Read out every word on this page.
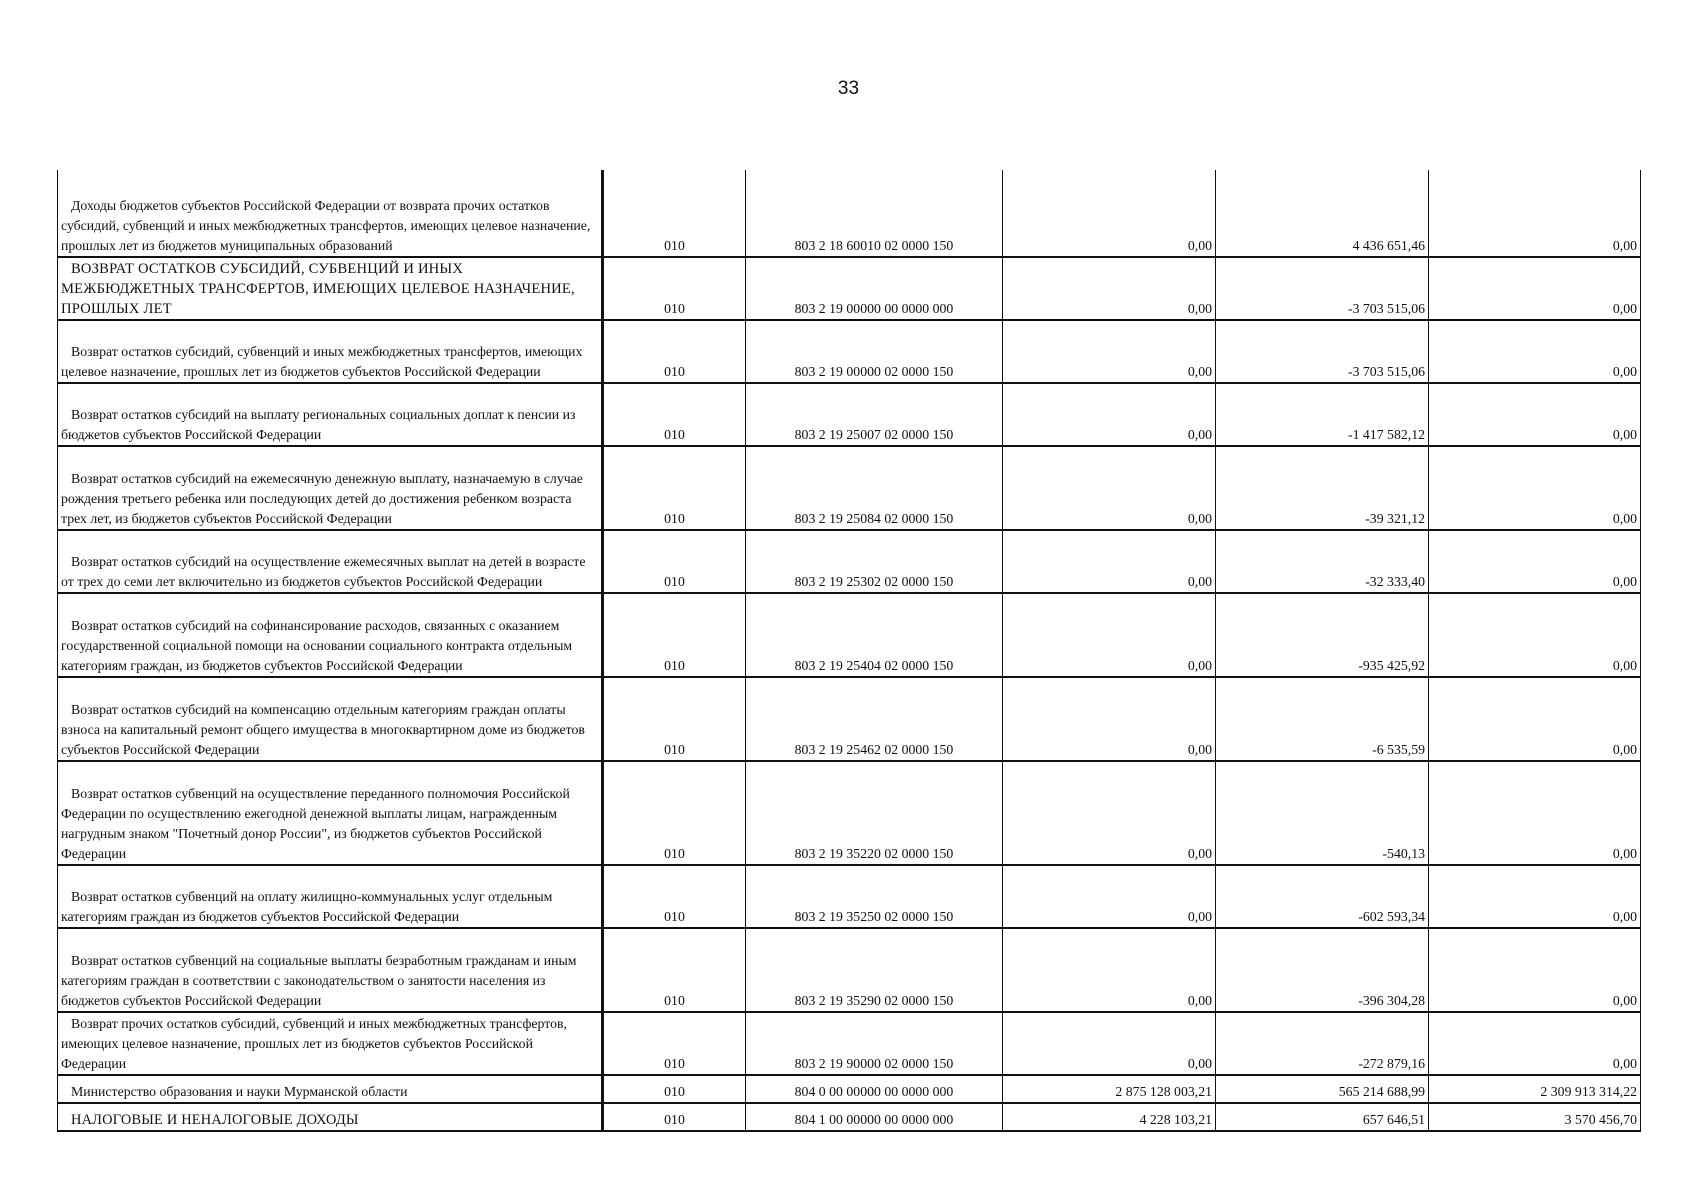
33
Доходы бюджетов субъектов Российской Федерации от возврата прочих остатков субсидий, субвенций и иных межбюджетных трансфертов, имеющих целевое назначение, прошлых лет из бюджетов муниципальных образований	010	803 2 18 60010 02 0000 150	0,00	4 436 651,46	0,00

ВОЗВРАТ ОСТАТКОВ СУБСИДИЙ, СУБВЕНЦИЙ И ИНЫХ МЕЖБЮДЖЕТНЫХ ТРАНСФЕРТОВ, ИМЕЮЩИХ ЦЕЛЕВОЕ НАЗНАЧЕНИЕ, ПРОШЛЫХ ЛЕТ	010	803 2 19 00000 00 0000 000	0,00	-3 703 515,06	0,00

Возврат остатков субсидий, субвенций и иных межбюджетных трансфертов, имеющих целевое назначение, прошлых лет из бюджетов субъектов Российской Федерации	010	803 2 19 00000 02 0000 150	0,00	-3 703 515,06	0,00

Возврат остатков субсидий на выплату региональных социальных доплат к пенсии из бюджетов субъектов Российской Федерации	010	803 2 19 25007 02 0000 150	0,00	-1 417 582,12	0,00

Возврат остатков субсидий на ежемесячную денежную выплату, назначаемую в случае рождения третьего ребенка или последующих детей до достижения ребенком возраста трех лет, из бюджетов субъектов Российской Федерации	010	803 2 19 25084 02 0000 150	0,00	-39 321,12	0,00

Возврат остатков субсидий на осуществление ежемесячных выплат на детей в возрасте от трех до семи лет включительно из бюджетов субъектов Российской Федерации	010	803 2 19 25302 02 0000 150	0,00	-32 333,40	0,00

Возврат остатков субсидий на софинансирование расходов, связанных с оказанием государственной социальной помощи на основании социального контракта отдельным категориям граждан, из бюджетов субъектов Российской Федерации	010	803 2 19 25404 02 0000 150	0,00	-935 425,92	0,00

Возврат остатков субсидий на компенсацию отдельным категориям граждан оплаты взноса на капитальный ремонт общего имущества в многоквартирном доме из бюджетов субъектов Российской Федерации	010	803 2 19 25462 02 0000 150	0,00	-6 535,59	0,00

Возврат остатков субвенций на осуществление переданного полномочия Российской Федерации по осуществлению ежегодной денежной выплаты лицам, награжденным нагрудным знаком "Почетный донор России", из бюджетов субъектов Российской Федерации	010	803 2 19 35220 02 0000 150	0,00	-540,13	0,00

Возврат остатков субвенций на оплату жилищно-коммунальных услуг отдельным категориям граждан из бюджетов субъектов Российской Федерации	010	803 2 19 35250 02 0000 150	0,00	-602 593,34	0,00

Возврат остатков субвенций на социальные выплаты безработным гражданам и иным категориям граждан в соответствии с законодательством о занятости населения из бюджетов субъектов Российской Федерации	010	803 2 19 35290 02 0000 150	0,00	-396 304,28	0,00

Возврат прочих остатков субсидий, субвенций и иных межбюджетных трансфертов, имеющих целевое назначение, прошлых лет из бюджетов субъектов Российской Федерации	010	803 2 19 90000 02 0000 150	0,00	-272 879,16	0,00

Министерство образования и науки Мурманской области	010	804 0 00 00000 00 0000 000	2 875 128 003,21	565 214 688,99	2 309 913 314,22

НАЛОГОВЫЕ И НЕНАЛОГОВЫЕ ДОХОДЫ	010	804 1 00 00000 00 0000 000	4 228 103,21	657 646,51	3 570 456,70
